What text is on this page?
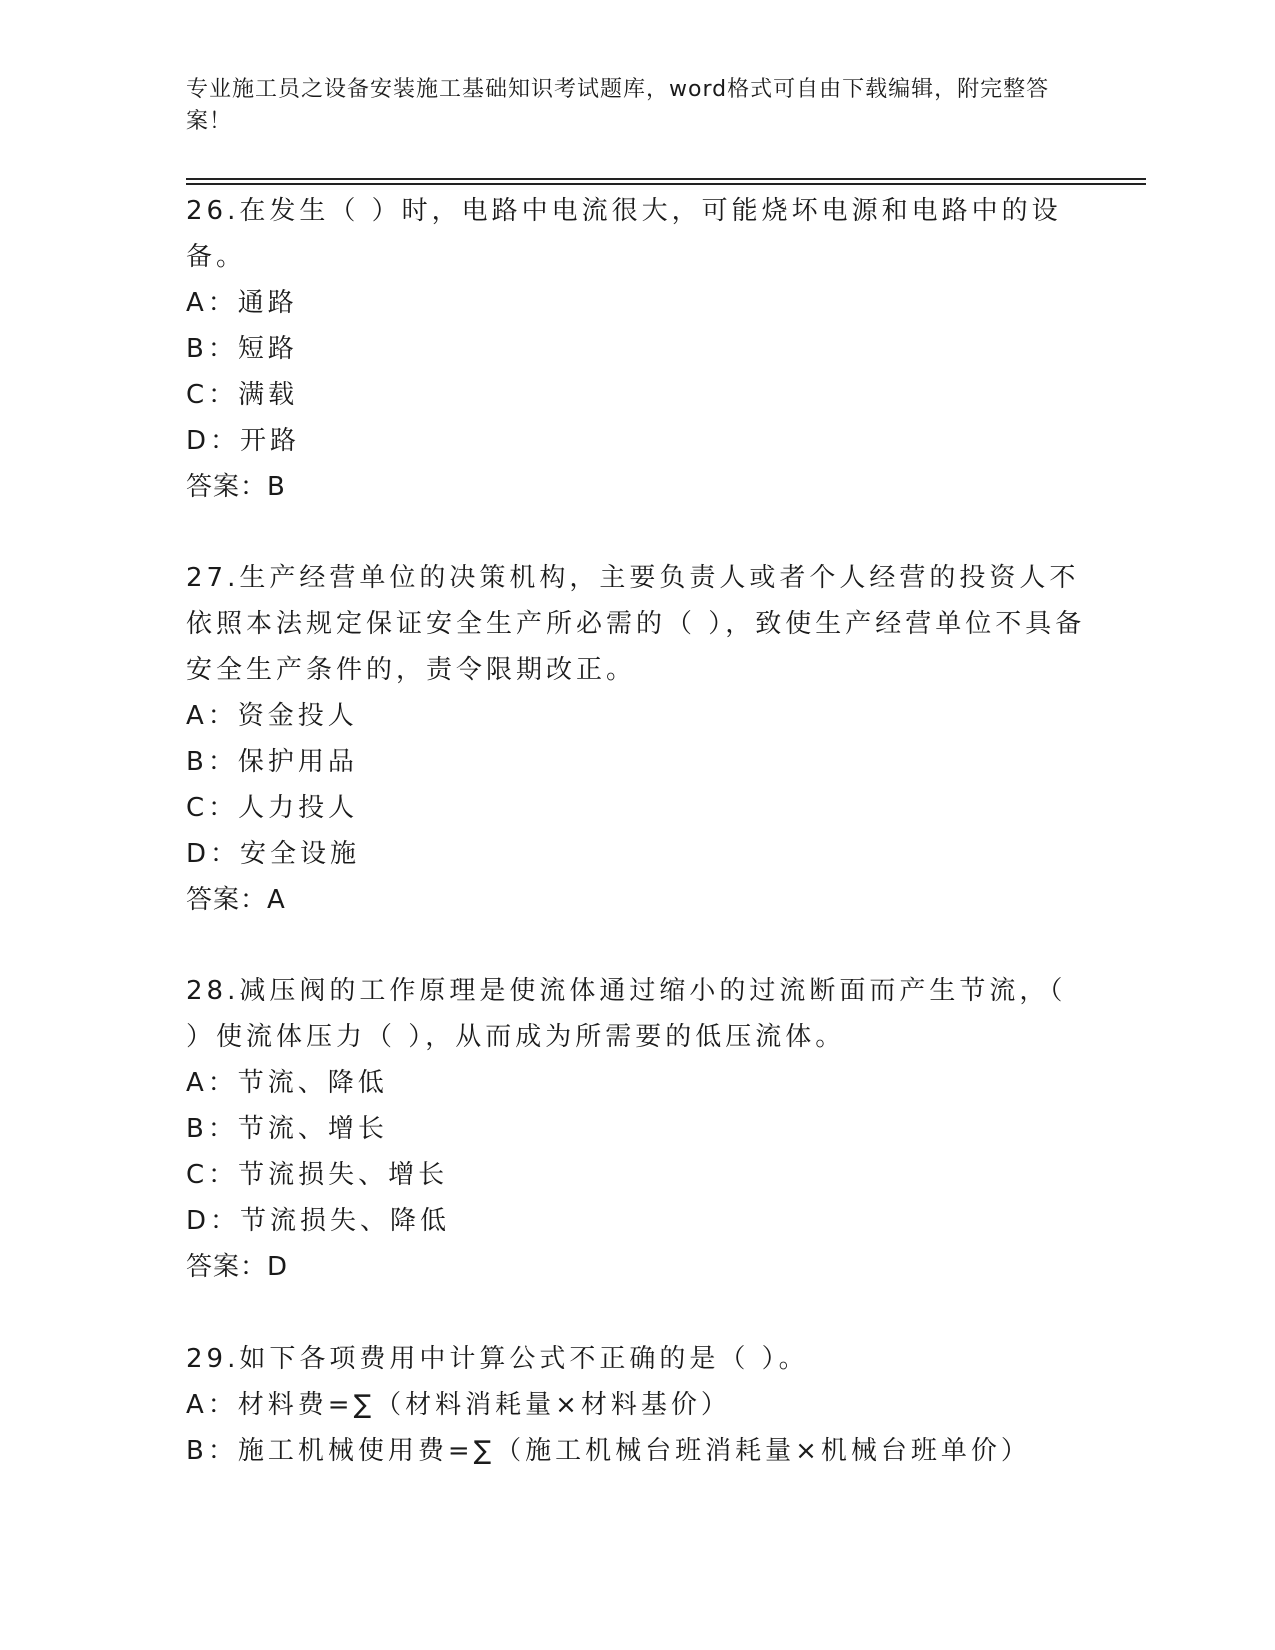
专业施工员之设备安装施工基础知识考试题库，word格式可自由下载编辑，附完整答案！

26.在发生（ ）时，电路中电流很大，可能烧坏电源和电路中的设备。

A：通路

B：短路

C：满载

D：开路

答案：B

27.生产经营单位的决策机构，主要负责人或者个人经营的投资人不依照本法规定保证安全生产所必需的（ ），致使生产经营单位不具备安全生产条件的，责令限期改正。

A：资金投人

B：保护用品

C：人力投人

D：安全设施

答案：A

28.减压阀的工作原理是使流体通过缩小的过流断面而产生节流，（ ）使流体压力（ ），从而成为所需要的低压流体。

A：节流、降低

B：节流、增长

C：节流损失、增长

D：节流损失、降低

答案：D

29.如下各项费用中计算公式不正确的是（ ）。

A：材料费=∑（材料消耗量×材料基价）

B：施工机械使用费=∑（施工机械台班消耗量×机械台班单价）
